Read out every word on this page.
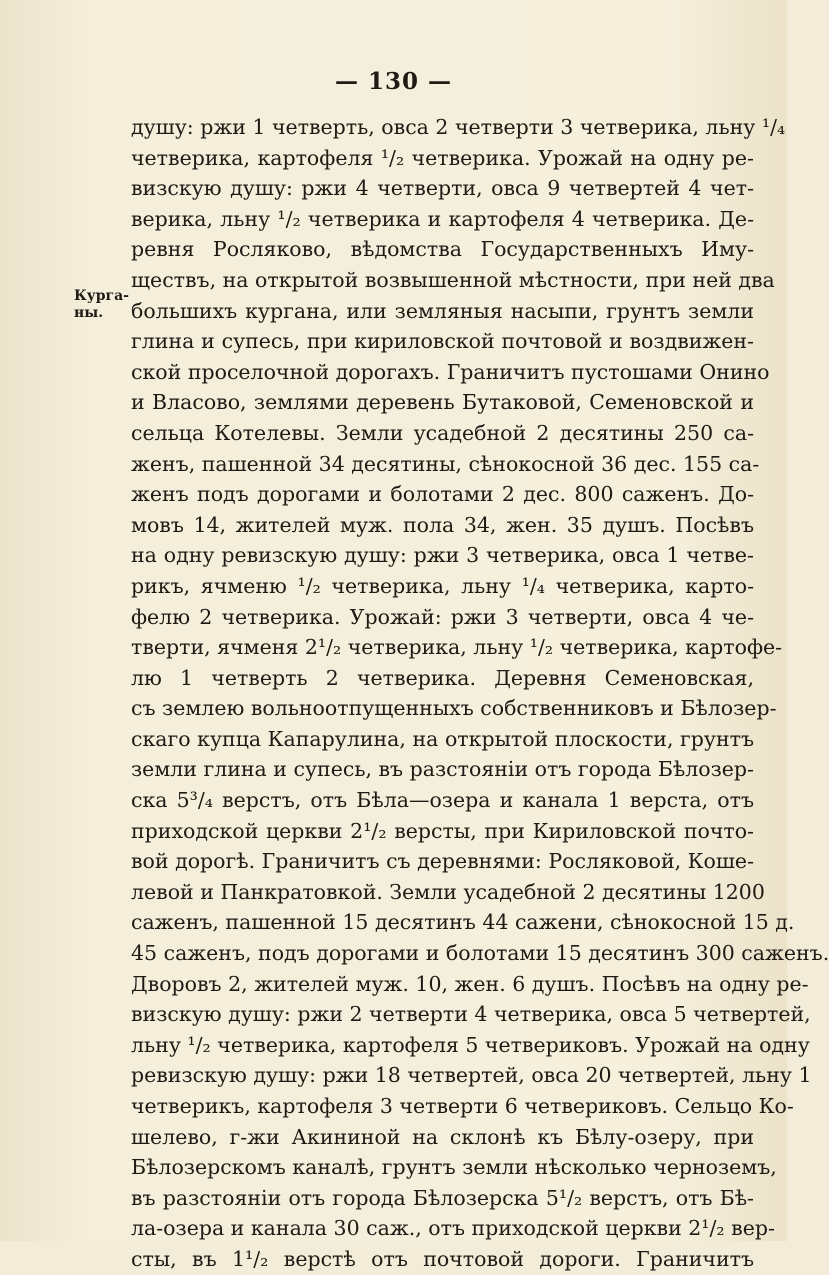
— 130 —
Курга-
ны.
душу: ржи 1 четверть, овса 2 четверти 3 четверика, льну ¹/₄
четверика, картофеля ¹/₂ четверика. Урожай на одну ре-
визскую душу: ржи 4 четверти, овса 9 четвертей 4 чет-
верика, льну ¹/₂ четверика и картофеля 4 четверика. Де-
ревня Росляково, вѣдомства Государственныхъ Иму-
ществъ, на открытой возвышенной мѣстности, при ней два
большихъ кургана, или земляныя насыпи, грунтъ земли
глина и супесь, при кириловской почтовой и воздвижен-
ской проселочной дорогахъ. Граничитъ пустошами Онино
и Власово, землями деревень Бутаковой, Семеновской и
сельца Котелевы. Земли усадебной 2 десятины 250 са-
женъ, пашенной 34 десятины, сѣнокосной 36 дес. 155 са-
женъ подъ дорогами и болотами 2 дес. 800 саженъ. До-
мовъ 14, жителей муж. пола 34, жен. 35 душъ. Посѣвъ
на одну ревизскую душу: ржи 3 четверика, овса 1 четве-
рикъ, ячменю ¹/₂ четверика, льну ¹/₄ четверика, карто-
фелю 2 четверика. Урожай: ржи 3 четверти, овса 4 че-
тверти, ячменя 2¹/₂ четверика, льну ¹/₂ четверика, картофе-
лю 1 четверть 2 четверика. Деревня Семеновская,
съ землею вольноотпущенныхъ собственниковъ и Бѣлозер-
скаго купца Капарулина, на открытой плоскости, грунтъ
земли глина и супесь, въ разстояніи отъ города Бѣлозер-
ска 5³/₄ верстъ, отъ Бѣла—озера и канала 1 верста, отъ
приходской церкви 2¹/₂ версты, при Кириловской почто-
вой дорогѣ. Граничитъ съ деревнями: Росляковой, Коше-
левой и Панкратовкой. Земли усадебной 2 десятины 1200
саженъ, пашенной 15 десятинъ 44 сажени, сѣнокосной 15 д.
45 саженъ, подъ дорогами и болотами 15 десятинъ 300 саженъ.
Дворовъ 2, жителей муж. 10, жен. 6 душъ. Посѣвъ на одну ре-
визскую душу: ржи 2 четверти 4 четверика, овса 5 четвертей,
льну ¹/₂ четверика, картофеля 5 четвериковъ. Урожай на одну
ревизскую душу: ржи 18 четвертей, овса 20 четвертей, льну 1
четверикъ, картофеля 3 четверти 6 четвериковъ. Сельцо Ко-
шелево, г-жи Акининой на склонѣ къ Бѣлу-озеру, при
Бѣлозерскомъ каналѣ, грунтъ земли нѣсколько черноземъ,
въ разстояніи отъ города Бѣлозерска 5¹/₂ верстъ, отъ Бѣ-
ла-озера и канала 30 саж., отъ приходской церкви 2¹/₂ вер-
сты, въ 1¹/₂ верстѣ отъ почтовой дороги. Граничитъ
